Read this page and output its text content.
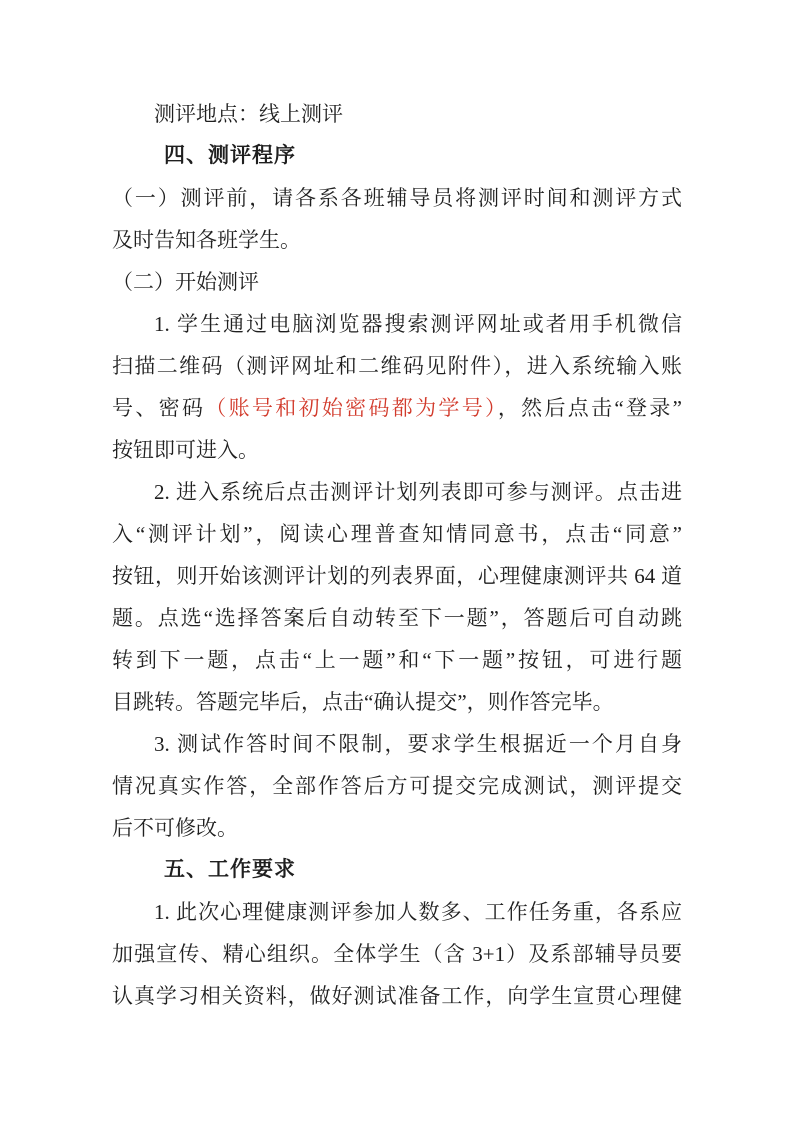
测评地点：线上测评
四、测评程序
（一）测评前，请各系各班辅导员将测评时间和测评方式
及时告知各班学生。
（二）开始测评
1. 学生通过电脑浏览器搜索测评网址或者用手机微信
扫描二维码（测评网址和二维码见附件），进入系统输入账
号、密码（账号和初始密码都为学号），然后点击“登录”
按钮即可进入。
2. 进入系统后点击测评计划列表即可参与测评。点击进
入“测评计划”，阅读心理普查知情同意书，点击“同意”
按钮，则开始该测评计划的列表界面，心理健康测评共 64 道
题。点选“选择答案后自动转至下一题”，答题后可自动跳
转到下一题，点击“上一题”和“下一题”按钮，可进行题
目跳转。答题完毕后，点击“确认提交”，则作答完毕。
3. 测试作答时间不限制，要求学生根据近一个月自身
情况真实作答，全部作答后方可提交完成测试，测评提交
后不可修改。
五、工作要求
1. 此次心理健康测评参加人数多、工作任务重，各系应
加强宣传、精心组织。全体学生（含 3+1）及系部辅导员要
认真学习相关资料，做好测试准备工作，向学生宣贯心理健
